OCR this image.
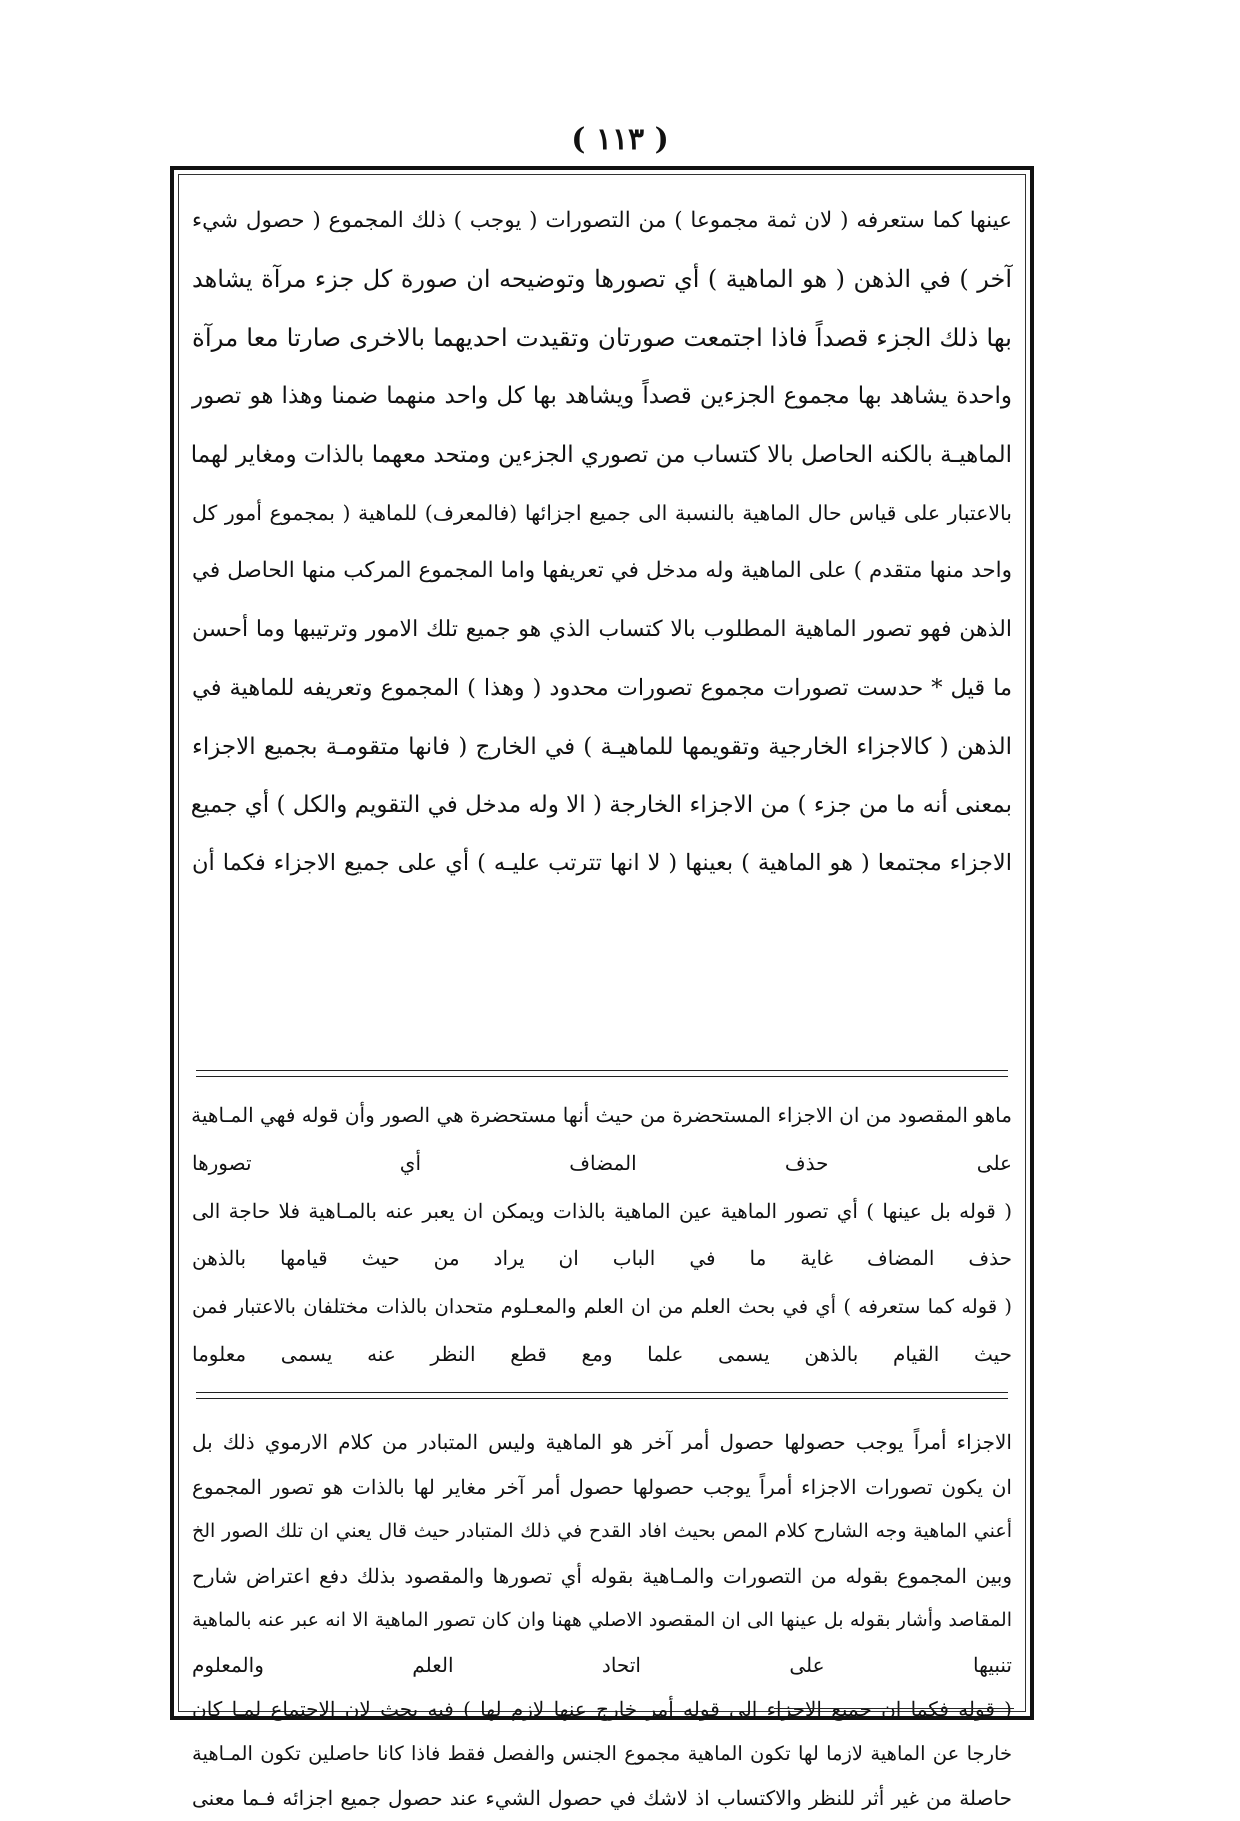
( ١١٣ )
عينها كما ستعرفه ( لان ثمة مجموعا ) من التصورات ( يوجب ) ذلك المجموع ( حصول شيء
آخر ) في الذهن ( هو الماهية ) أي تصورها وتوضيحه ان صورة كل جزء مرآة يشاهد
بها ذلك الجزء قصداً فاذا اجتمعت صورتان وتقيدت احديهما بالاخرى صارتا معا مرآة
واحدة يشاهد بها مجموع الجزءين قصداً ويشاهد بها كل واحد منهما ضمنا وهذا هو تصور
الماهيـة بالكنه الحاصل بالا كتساب من تصوري الجزءين ومتحد معهما بالذات ومغاير لهما
بالاعتبار على قياس حال الماهية بالنسبة الى جميع اجزائها (فالمعرف) للماهية ( بمجموع أمور كل
واحد منها متقدم ) على الماهية وله مدخل في تعريفها واما المجموع المركب منها الحاصل في
الذهن فهو تصور الماهية المطلوب بالا كتساب الذي هو جميع تلك الامور وترتيبها وما أحسن
ما قيل * حدست تصورات مجموع تصورات محدود ( وهذا ) المجموع وتعريفه للماهية في
الذهن ( كالاجزاء الخارجية وتقويمها للماهيـة ) في الخارج ( فانها متقومـة بجميع الاجزاء
بمعنى أنه ما من جزء ) من الاجزاء الخارجة ( الا وله مدخل في التقويم والكل ) أي جميع
الاجزاء مجتمعا ( هو الماهية ) بعينها ( لا انها تترتب عليـه ) أي على جميع الاجزاء فكما أن
ماهو المقصود من ان الاجزاء المستحضرة من حيث أنها مستحضرة هي الصور وأن قوله فهي المـاهية
على حذف المضاف أي تصورها
( قوله بل عينها ) أي تصور الماهية عين الماهية بالذات ويمكن ان يعبر عنه بالمـاهية فلا حاجة الى
حذف المضاف غاية ما في الباب ان يراد من حيث قيامها بالذهن
( قوله كما ستعرفه ) أي في بحث العلم من ان العلم والمعـلوم متحدان بالذات مختلفان بالاعتبار فمن
حيث القيام بالذهن يسمى علما ومع قطع النظر عنه يسمى معلوما
الاجزاء أمراً يوجب حصولها حصول أمر آخر هو الماهية وليس المتبادر من كلام الارموي ذلك بل
ان يكون تصورات الاجزاء أمراً يوجب حصولها حصول أمر آخر مغاير لها بالذات هو تصور المجموع
أعني الماهية وجه الشارح كلام المص بحيث افاد القدح في ذلك المتبادر حيث قال يعني ان تلك الصور الخ
وبين المجموع بقوله من التصورات والمـاهية بقوله أي تصورها والمقصود بذلك دفع اعتراض شارح
المقاصد وأشار بقوله بل عينها الى ان المقصود الاصلي ههنا وان كان تصور الماهية الا انه عبر عنه بالماهية
تنبيها على اتحاد العلم والمعلوم
( قوله فكما ان جميع الاجزاء الى قوله أمر خارج عنها لازم لها ) فيه بحث لان الاجتماع لمـا كان
خارجا عن الماهية لازما لها تكون الماهية مجموع الجنس والفصل فقط فاذا كانا حاصلين تكون المـاهية
حاصلة من غير أثر للنظر والاكتساب اذ لاشك في حصول الشيء عند حصول جميع اجزائه فـما معنى
